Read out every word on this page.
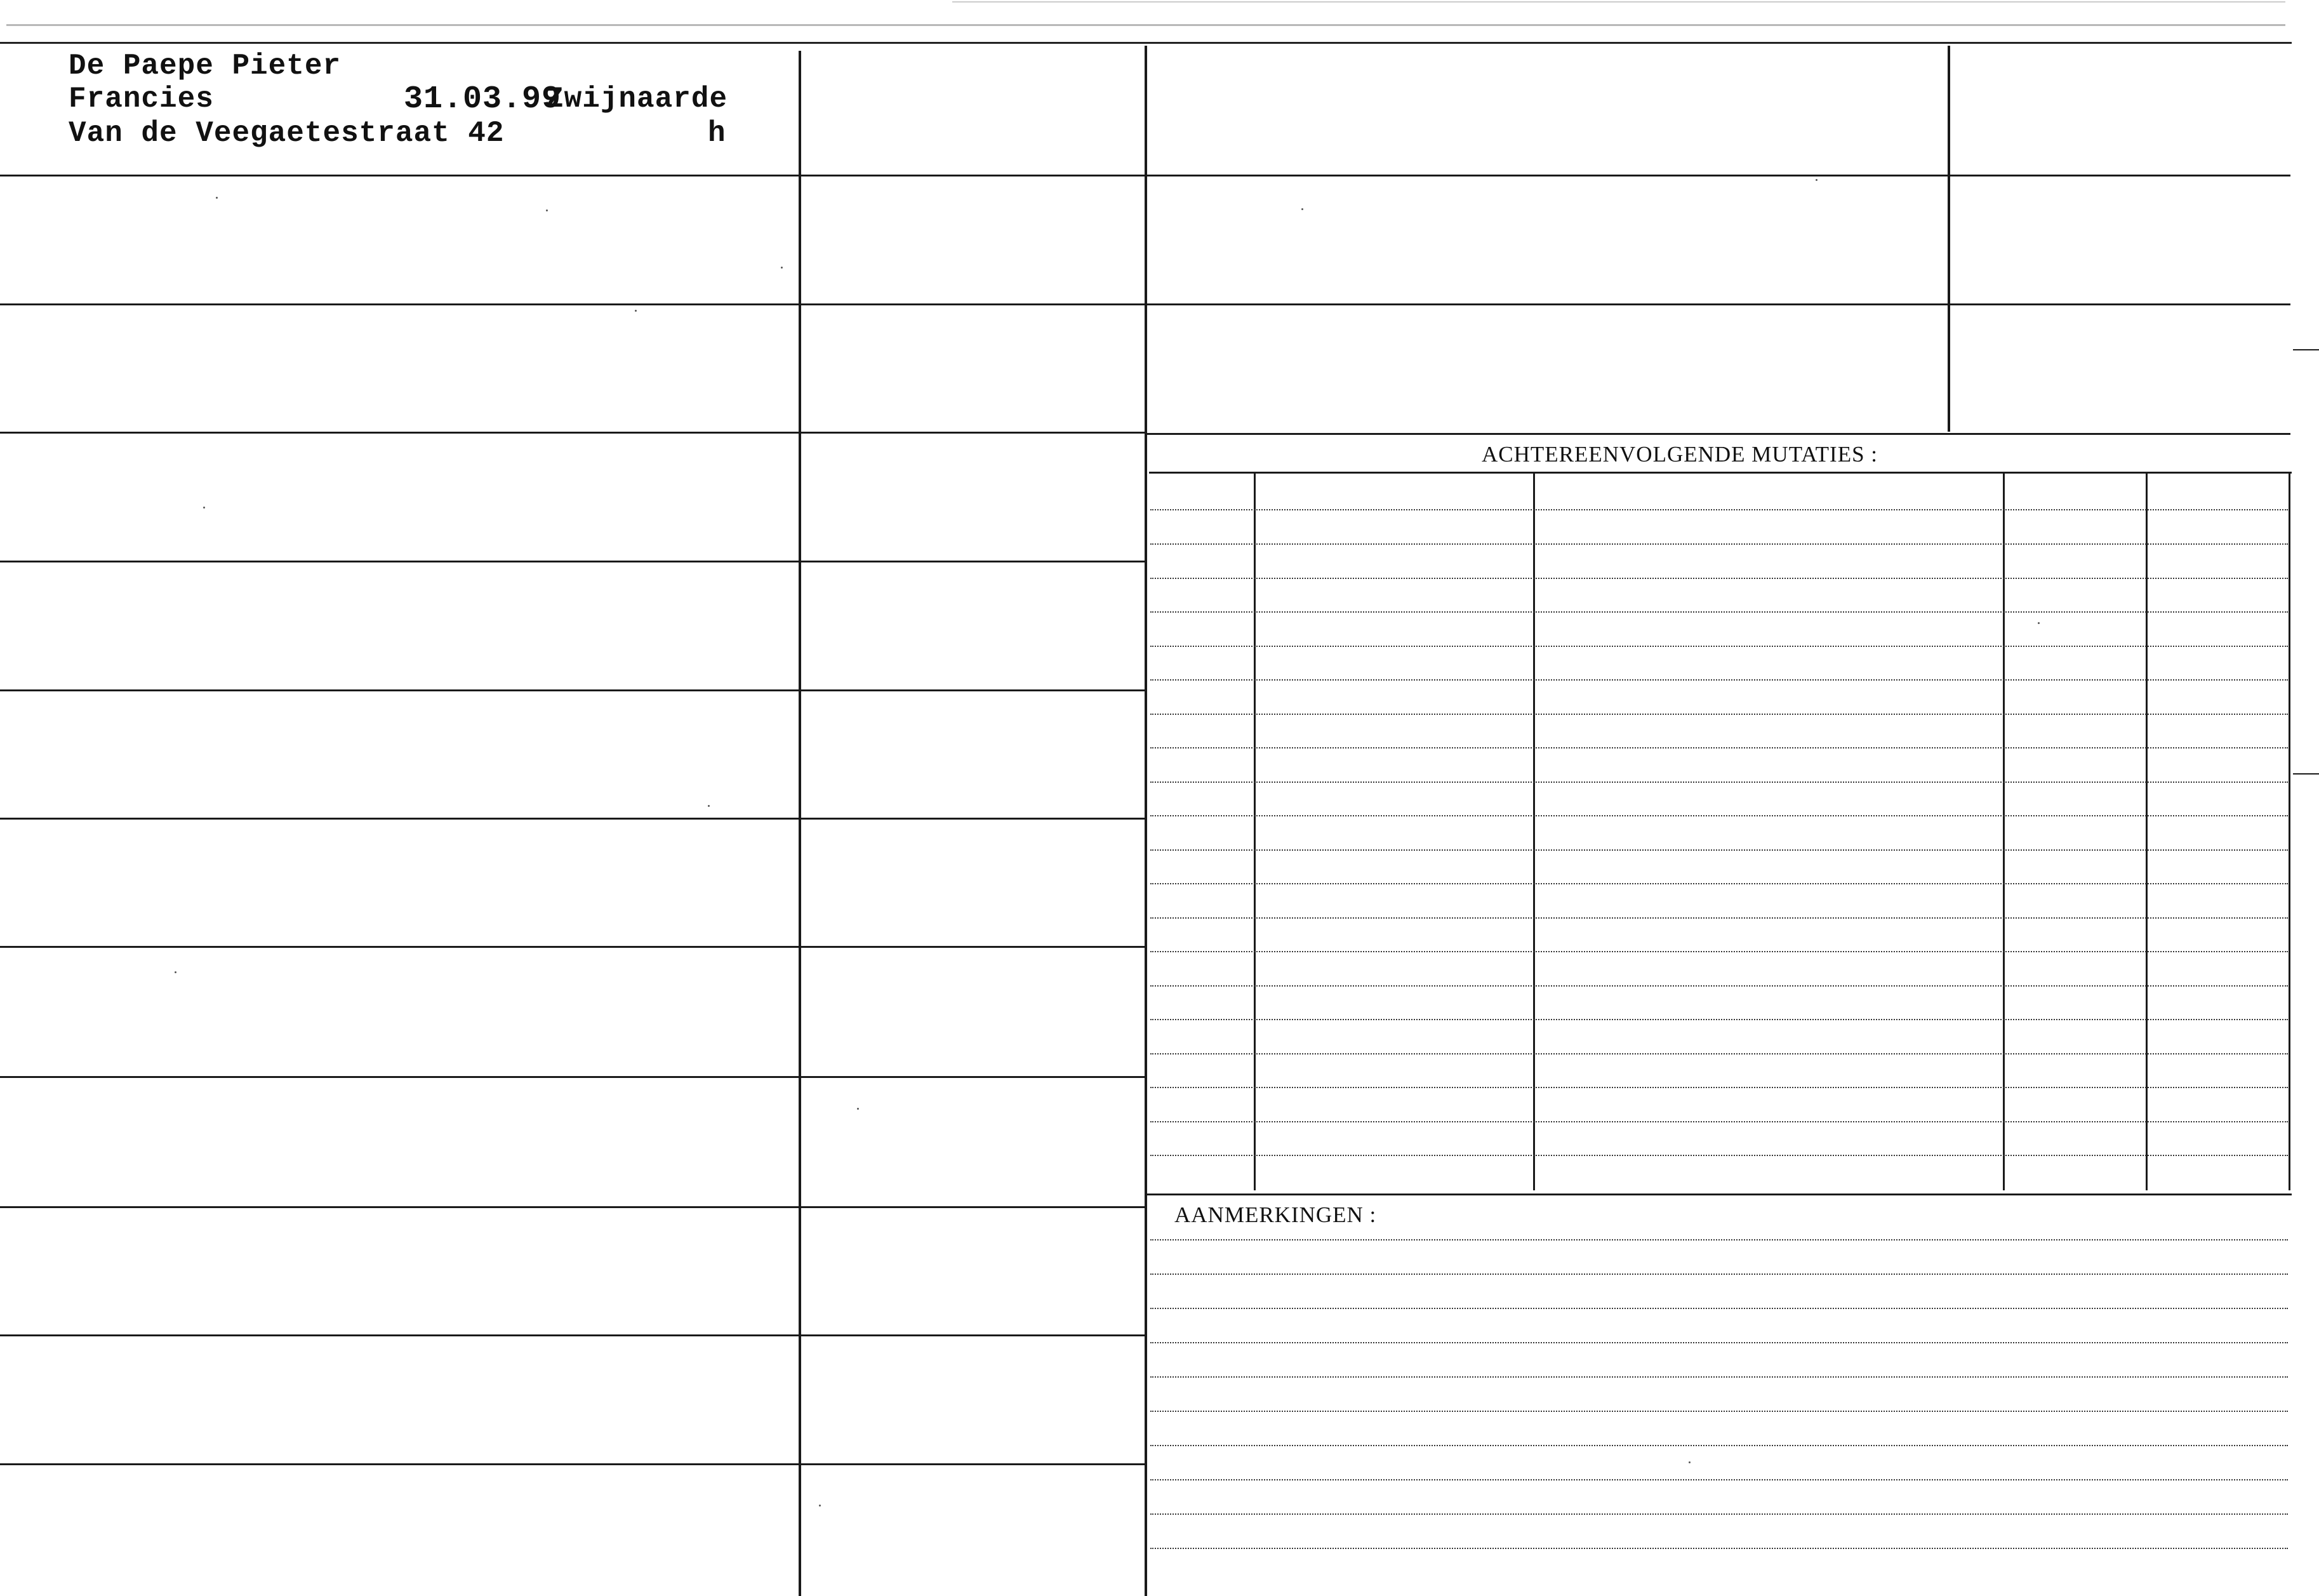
De Paepe Pieter
Francies	31.03.99
Zwijnaarde
Van de Veegaetestraat 42	h
ACHTEREENVOLGENDE MUTATIES :
AANMERKINGEN :
